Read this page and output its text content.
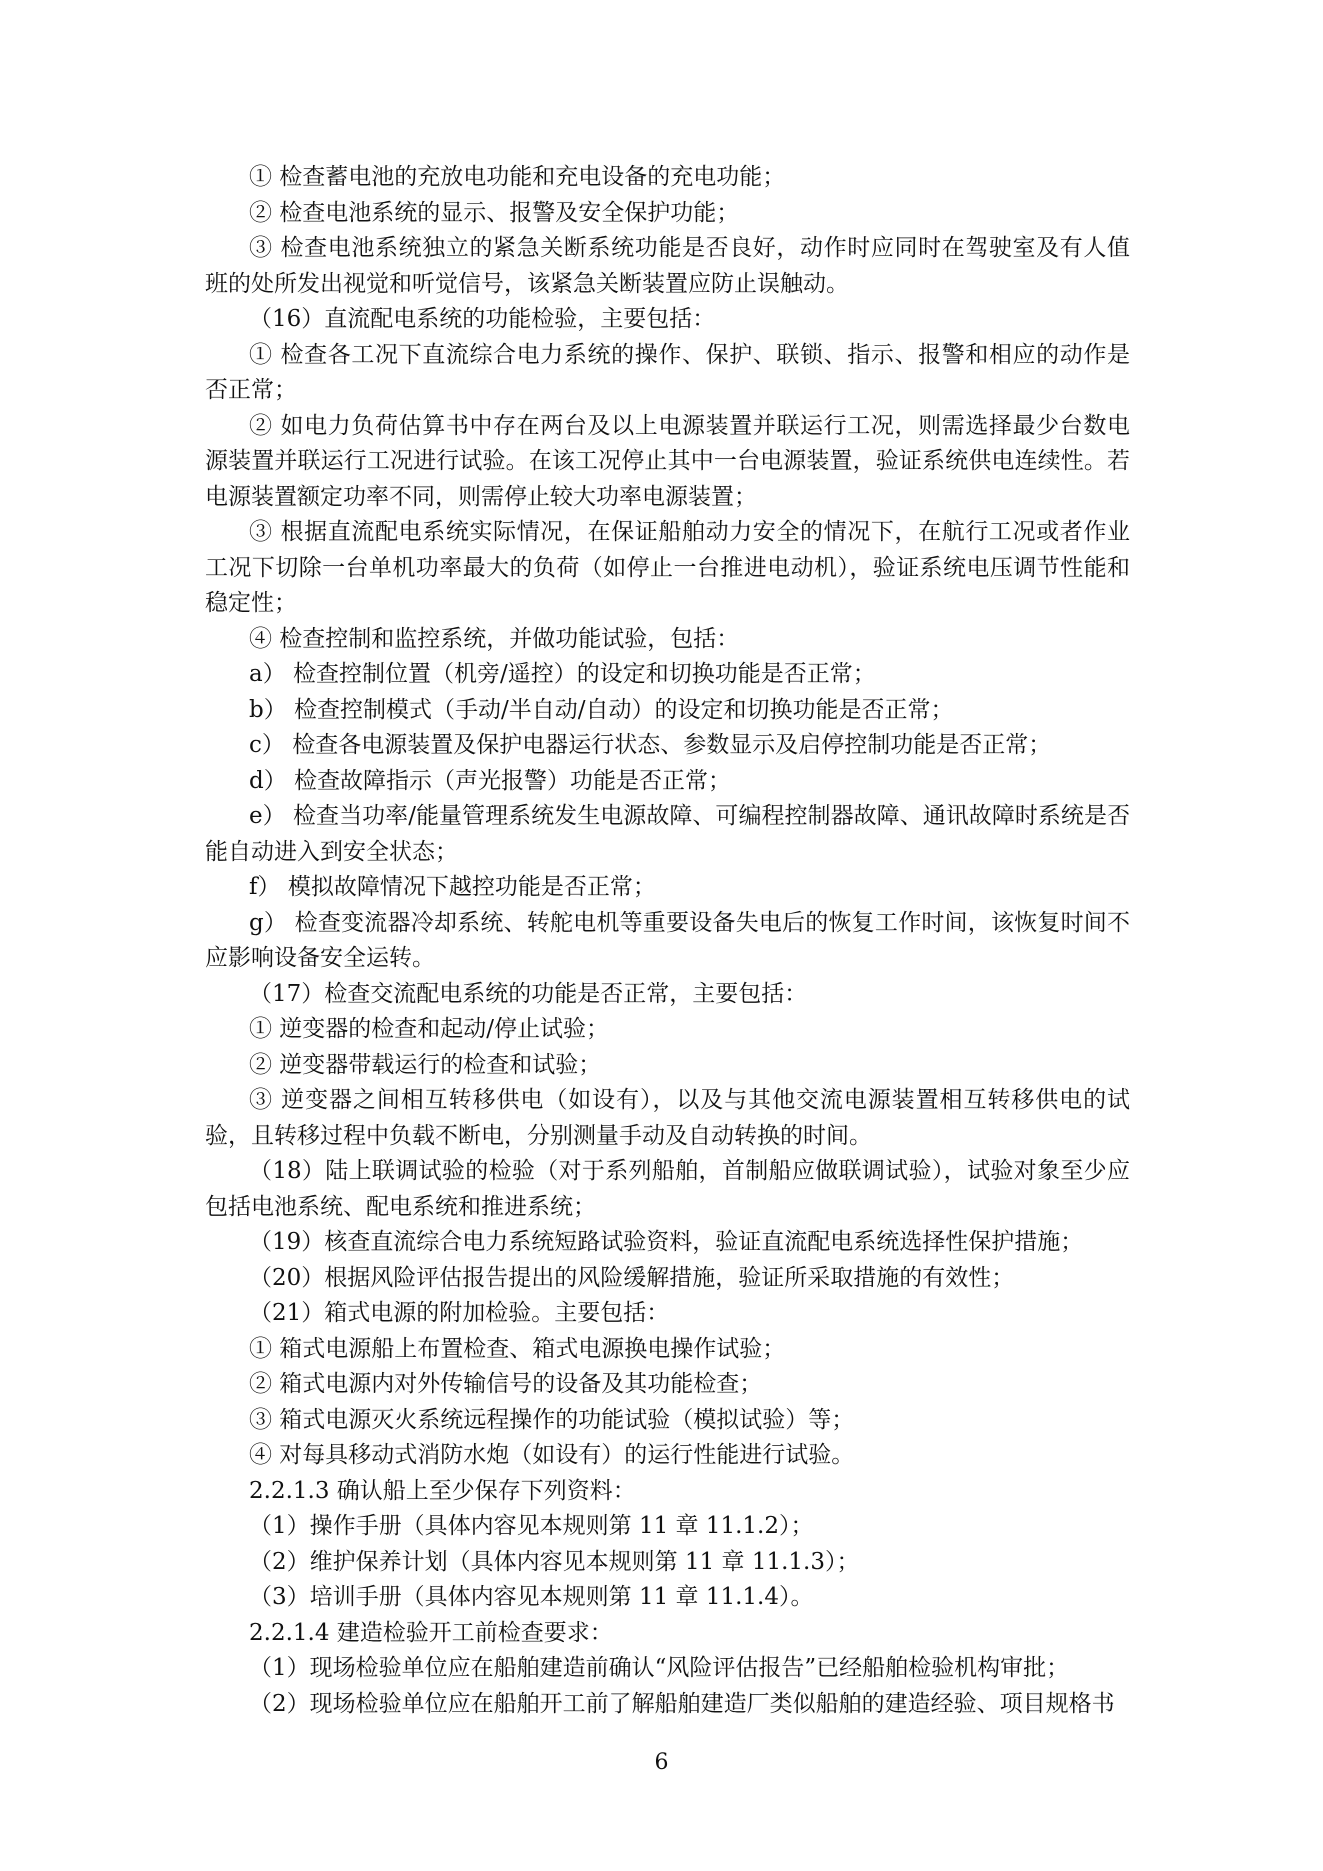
① 检查蓄电池的充放电功能和充电设备的充电功能；

② 检查电池系统的显示、报警及安全保护功能；

③ 检查电池系统独立的紧急关断系统功能是否良好，动作时应同时在驾驶室及有人值班的处所发出视觉和听觉信号，该紧急关断装置应防止误触动。

（16）直流配电系统的功能检验，主要包括：

① 检查各工况下直流综合电力系统的操作、保护、联锁、指示、报警和相应的动作是否正常；

② 如电力负荷估算书中存在两台及以上电源装置并联运行工况，则需选择最少台数电源装置并联运行工况进行试验。在该工况停止其中一台电源装置，验证系统供电连续性。若电源装置额定功率不同，则需停止较大功率电源装置；

③ 根据直流配电系统实际情况，在保证船舶动力安全的情况下，在航行工况或者作业工况下切除一台单机功率最大的负荷（如停止一台推进电动机），验证系统电压调节性能和稳定性；

④ 检查控制和监控系统，并做功能试验，包括：

a） 检查控制位置（机旁/遥控）的设定和切换功能是否正常；

b） 检查控制模式（手动/半自动/自动）的设定和切换功能是否正常；

c） 检查各电源装置及保护电器运行状态、参数显示及启停控制功能是否正常；

d） 检查故障指示（声光报警）功能是否正常；

e） 检查当功率/能量管理系统发生电源故障、可编程控制器故障、通讯故障时系统是否能自动进入到安全状态；

f） 模拟故障情况下越控功能是否正常；

g） 检查变流器冷却系统、转舵电机等重要设备失电后的恢复工作时间，该恢复时间不应影响设备安全运转。

（17）检查交流配电系统的功能是否正常，主要包括：

① 逆变器的检查和起动/停止试验；

② 逆变器带载运行的检查和试验；

③ 逆变器之间相互转移供电（如设有），以及与其他交流电源装置相互转移供电的试验，且转移过程中负载不断电，分别测量手动及自动转换的时间。

（18）陆上联调试验的检验（对于系列船舶，首制船应做联调试验），试验对象至少应包括电池系统、配电系统和推进系统；

（19）核查直流综合电力系统短路试验资料，验证直流配电系统选择性保护措施；

（20）根据风险评估报告提出的风险缓解措施，验证所采取措施的有效性；

（21）箱式电源的附加检验。主要包括：

① 箱式电源船上布置检查、箱式电源换电操作试验；

② 箱式电源内对外传输信号的设备及其功能检查；

③ 箱式电源灭火系统远程操作的功能试验（模拟试验）等；

④ 对每具移动式消防水炮（如设有）的运行性能进行试验。

2.2.1.3 确认船上至少保存下列资料：

（1）操作手册（具体内容见本规则第 11 章 11.1.2）；

（2）维护保养计划（具体内容见本规则第 11 章 11.1.3）；

（3）培训手册（具体内容见本规则第 11 章 11.1.4）。

2.2.1.4 建造检验开工前检查要求：

（1）现场检验单位应在船舶建造前确认“风险评估报告”已经船舶检验机构审批；

（2）现场检验单位应在船舶开工前了解船舶建造厂类似船舶的建造经验、项目规格书

6
